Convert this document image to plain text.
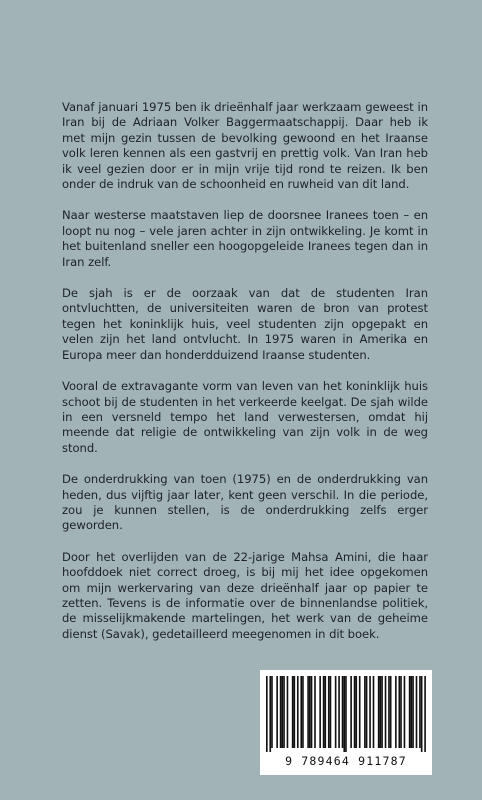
Vanaf januari 1975 ben ik drieënhalf jaar werkzaam geweest in Iran bij de Adriaan Volker Baggermaatschappij. Daar heb ik met mijn gezin tussen de bevolking gewoond en het Iraanse volk leren kennen als een gastvrij en prettig volk. Van Iran heb ik veel gezien door er in mijn vrije tijd rond te reizen. Ik ben onder de indruk van de schoonheid en ruwheid van dit land.

Naar westerse maatstaven liep de doorsnee Iranees toen – en loopt nu nog – vele jaren achter in zijn ontwikkeling. Je komt in het buitenland sneller een hoogopgeleide Iranees tegen dan in Iran zelf.

De sjah is er de oorzaak van dat de studenten Iran ontvluchtten, de universiteiten waren de bron van protest tegen het koninklijk huis, veel studenten zijn opgepakt en velen zijn het land ontvlucht. In 1975 waren in Amerika en Europa meer dan honderdduizend Iraanse studenten.

Vooral de extravagante vorm van leven van het koninklijk huis schoot bij de studenten in het verkeerde keelgat. De sjah wilde in een versneld tempo het land verwestersen, omdat hij meende dat religie de ontwikkeling van zijn volk in de weg stond.

De onderdrukking van toen (1975) en de onderdrukking van heden, dus vijftig jaar later, kent geen verschil. In die periode, zou je kunnen stellen, is de onderdrukking zelfs erger geworden.

Door het overlijden van de 22-jarige Mahsa Amini, die haar hoofddoek niet correct droeg, is bij mij het idee opgekomen om mijn werkervaring van deze drieënhalf jaar op papier te zetten. Tevens is de informatie over de binnenlandse politiek, de misselijkmakende martelingen, het werk van de geheime dienst (Savak), gedetailleerd meegenomen in dit boek.

9 789464 911787
